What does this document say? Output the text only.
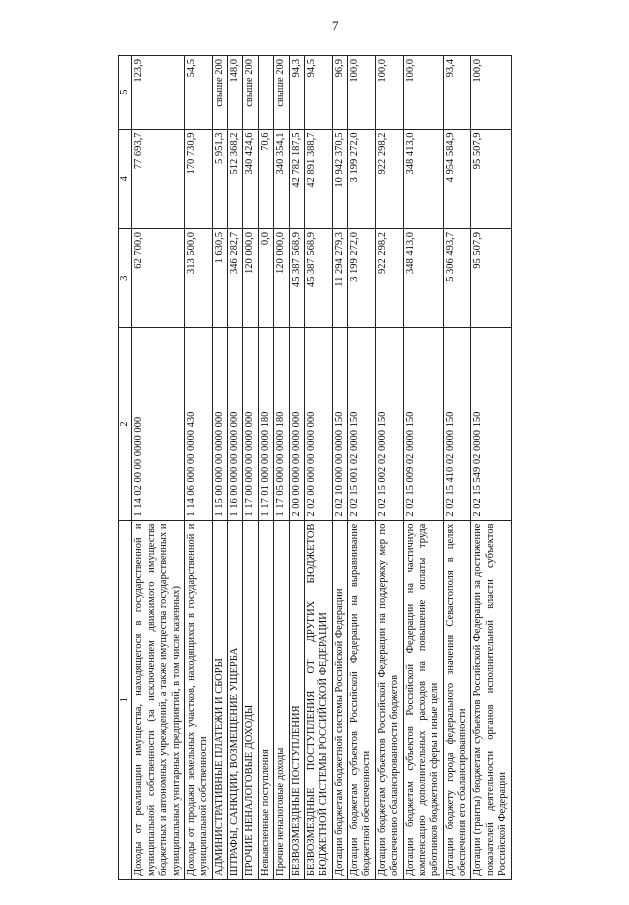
7
1	2	3	4	5
Доходы от реализации имущества, находящегося в государственной и муниципальной собственности (за исключением движимого имущества бюджетных и автономных учреждений, а также имущества государственных и муниципальных унитарных предприятий, в том числе казенных)	1 14 02 00 00 0000 000	62 700,0	77 693,7	123,9
Доходы от продажи земельных участков, находящихся в государственной и муниципальной собственности	1 14 06 000 00 0000 430	313 500,0	170 730,9	54,5
АДМИНИСТРАТИВНЫЕ ПЛАТЕЖИ И СБОРЫ	1 15 00 000 00 0000 000	1 630,5	5 951,3	свыше 200
ШТРАФЫ, САНКЦИИ, ВОЗМЕЩЕНИЕ УЩЕРБА	1 16 00 000 00 0000 000	346 282,7	512 368,2	148,0
ПРОЧИЕ НЕНАЛОГОВЫЕ ДОХОДЫ	1 17 00 000 00 0000 000	120 000,0	340 424,6	свыше 200
Невыясненные поступления	1 17 01 000 00 0000 180	0,0	70,6	
Прочие неналоговые доходы	1 17 05 000 00 0000 180	120 000,0	340 354,1	свыше 200
БЕЗВОЗМЕЗДНЫЕ ПОСТУПЛЕНИЯ	2 00 00 000 00 0000 000	45 387 568,9	42 782 187,5	94,3
БЕЗВОЗМЕЗДНЫЕ ПОСТУПЛЕНИЯ ОТ ДРУГИХ БЮДЖЕТОВ БЮДЖЕТНОЙ СИСТЕМЫ РОССИЙСКОЙ ФЕДЕРАЦИИ	2 02 00 000 00 0000 000	45 387 568,9	42 891 388,7	94,5
Дотации бюджетам бюджетной системы Российской Федерации	2 02 10 000 00 0000 150	11 294 279,3	10 942 370,5	96,9
Дотации бюджетам субъектов Российской Федерации на выравнивание бюджетной обеспеченности	2 02 15 001 02 0000 150	3 199 272,0	3 199 272,0	100,0
Дотации бюджетам субъектов Российской Федерации на поддержку мер по обеспечению сбалансированности бюджетов	2 02 15 002 02 0000 150	922 298,2	922 298,2	100,0
Дотации бюджетам субъектов Российской Федерации на частичную компенсацию дополнительных расходов на повышение оплаты труда работников бюджетной сферы и иные цели	2 02 15 009 02 0000 150	348 413,0	348 413,0	100,0
Дотации бюджету города федерального значения Севастополя в целях обеспечения его сбалансированности	2 02 15 410 02 0000 150	5 306 493,7	4 954 584,9	93,4
Дотации (гранты) бюджетам субъектов Российской Федерации за достижение показателей деятельности органов исполнительной власти субъектов Российской Федерации	2 02 15 549 02 0000 150	95 507,9	95 507,9	100,0
